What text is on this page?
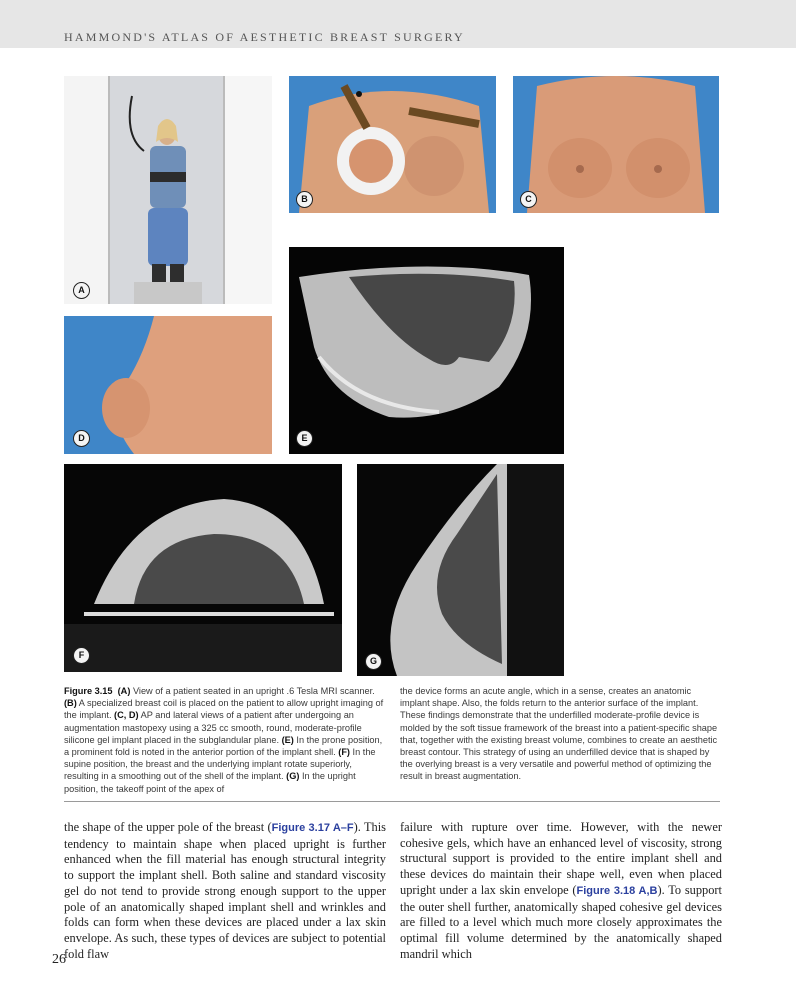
HAMMOND'S ATLAS OF AESTHETIC BREAST SURGERY
A
B	C
D	E
F
G
Figure 3.15 (A) View of a patient seated in an upright .6 Tesla MRI scanner. (B) A specialized breast coil is placed on the patient to allow upright imaging of the implant. (C, D) AP and lateral views of a patient after undergoing an augmentation mastopexy using a 325 cc smooth, round, moderate-profile silicone gel implant placed in the subglandular plane. (E) In the prone position, a prominent fold is noted in the anterior portion of the implant shell. (F) In the supine position, the breast and the underlying implant rotate superiorly, resulting in a smoothing out of the shell of the implant. (G) In the upright position, the takeoff point of the apex of
the device forms an acute angle, which in a sense, creates an anatomic implant shape. Also, the folds return to the anterior surface of the implant. These findings demonstrate that the underfilled moderate-profile device is molded by the soft tissue framework of the breast into a patient-specific shape that, together with the existing breast volume, combines to create an aesthetic breast contour. This strategy of using an underfilled device that is shaped by the overlying breast is a very versatile and powerful method of optimizing the result in breast augmentation.
the shape of the upper pole of the breast (Figure 3.17 A–F). This tendency to maintain shape when placed upright is further enhanced when the fill material has enough structural integrity to support the implant shell. Both saline and standard viscosity gel do not tend to provide strong enough support to the upper pole of an anatomically shaped implant shell and wrinkles and folds can form when these devices are placed under a lax skin envelope. As such, these types of devices are subject to potential fold flaw
failure with rupture over time. However, with the newer cohesive gels, which have an enhanced level of viscosity, strong structural support is provided to the entire implant shell and these devices do maintain their shape well, even when placed upright under a lax skin envelope (Figure 3.18 A,B). To support the outer shell further, anatomically shaped cohesive gel devices are filled to a level which much more closely approximates the optimal fill volume determined by the anatomically shaped mandril which
26
